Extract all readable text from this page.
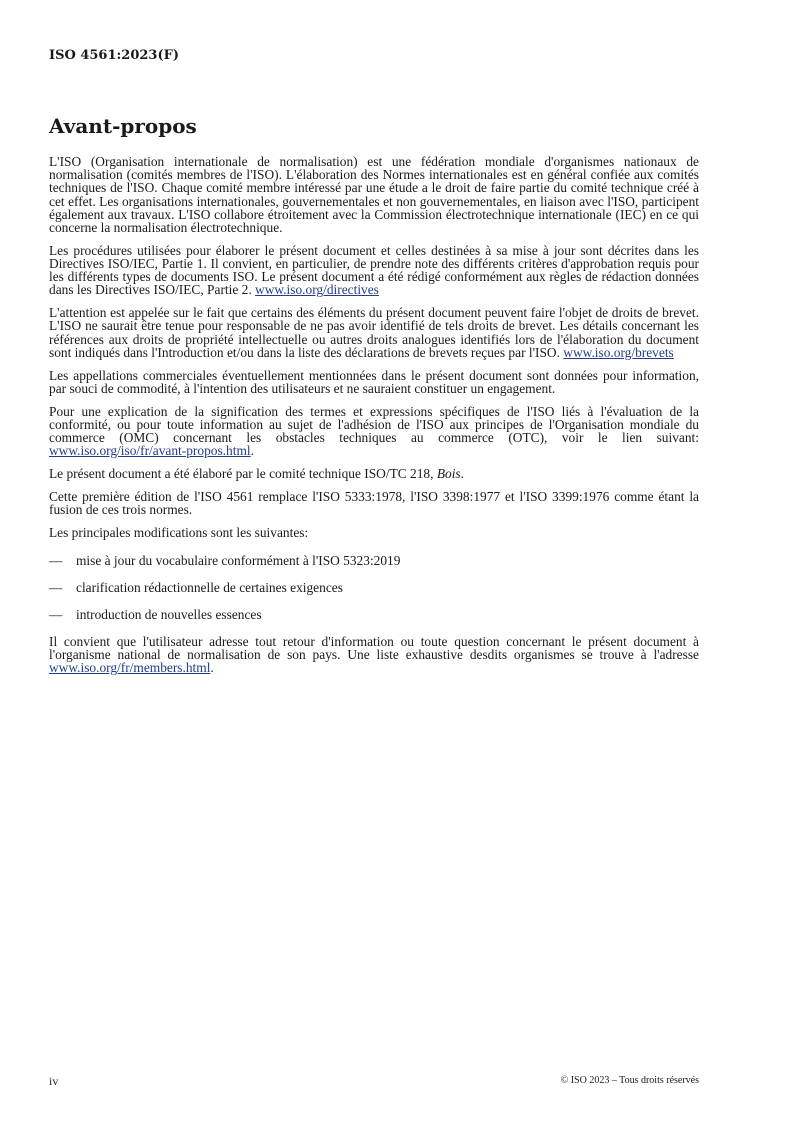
ISO 4561:2023(F)
Avant-propos

L'ISO (Organisation internationale de normalisation) est une fédération mondiale d'organismes nationaux de normalisation (comités membres de l'ISO). L'élaboration des Normes internationales est en général confiée aux comités techniques de l'ISO. Chaque comité membre intéressé par une étude a le droit de faire partie du comité technique créé à cet effet. Les organisations internationales, gouvernementales et non gouvernementales, en liaison avec l'ISO, participent également aux travaux. L'ISO collabore étroitement avec la Commission électrotechnique internationale (IEC) en ce qui concerne la normalisation électrotechnique.

Les procédures utilisées pour élaborer le présent document et celles destinées à sa mise à jour sont décrites dans les Directives ISO/IEC, Partie 1. Il convient, en particulier, de prendre note des différents critères d'approbation requis pour les différents types de documents ISO. Le présent document a été rédigé conformément aux règles de rédaction données dans les Directives ISO/IEC, Partie 2. www.iso.org/directives

L'attention est appelée sur le fait que certains des éléments du présent document peuvent faire l'objet de droits de brevet. L'ISO ne saurait être tenue pour responsable de ne pas avoir identifié de tels droits de brevet. Les détails concernant les références aux droits de propriété intellectuelle ou autres droits analogues identifiés lors de l'élaboration du document sont indiqués dans l'Introduction et/ou dans la liste des déclarations de brevets reçues par l'ISO. www.iso.org/brevets

Les appellations commerciales éventuellement mentionnées dans le présent document sont données pour information, par souci de commodité, à l'intention des utilisateurs et ne sauraient constituer un engagement.

Pour une explication de la signification des termes et expressions spécifiques de l'ISO liés à l'évaluation de la conformité, ou pour toute information au sujet de l'adhésion de l'ISO aux principes de l'Organisation mondiale du commerce (OMC) concernant les obstacles techniques au commerce (OTC), voir le lien suivant: www.iso.org/iso/fr/avant-propos.html.

Le présent document a été élaboré par le comité technique ISO/TC 218, Bois.

Cette première édition de l'ISO 4561 remplace l'ISO 5333:1978, l'ISO 3398:1977 et l'ISO 3399:1976 comme étant la fusion de ces trois normes.

Les principales modifications sont les suivantes:

—	mise à jour du vocabulaire conformément à l'ISO 5323:2019
—	clarification rédactionnelle de certaines exigences
—	introduction de nouvelles essences

Il convient que l'utilisateur adresse tout retour d'information ou toute question concernant le présent document à l'organisme national de normalisation de son pays. Une liste exhaustive desdits organismes se trouve à l'adresse www.iso.org/fr/members.html.

iv	© ISO 2023 – Tous droits réservés
